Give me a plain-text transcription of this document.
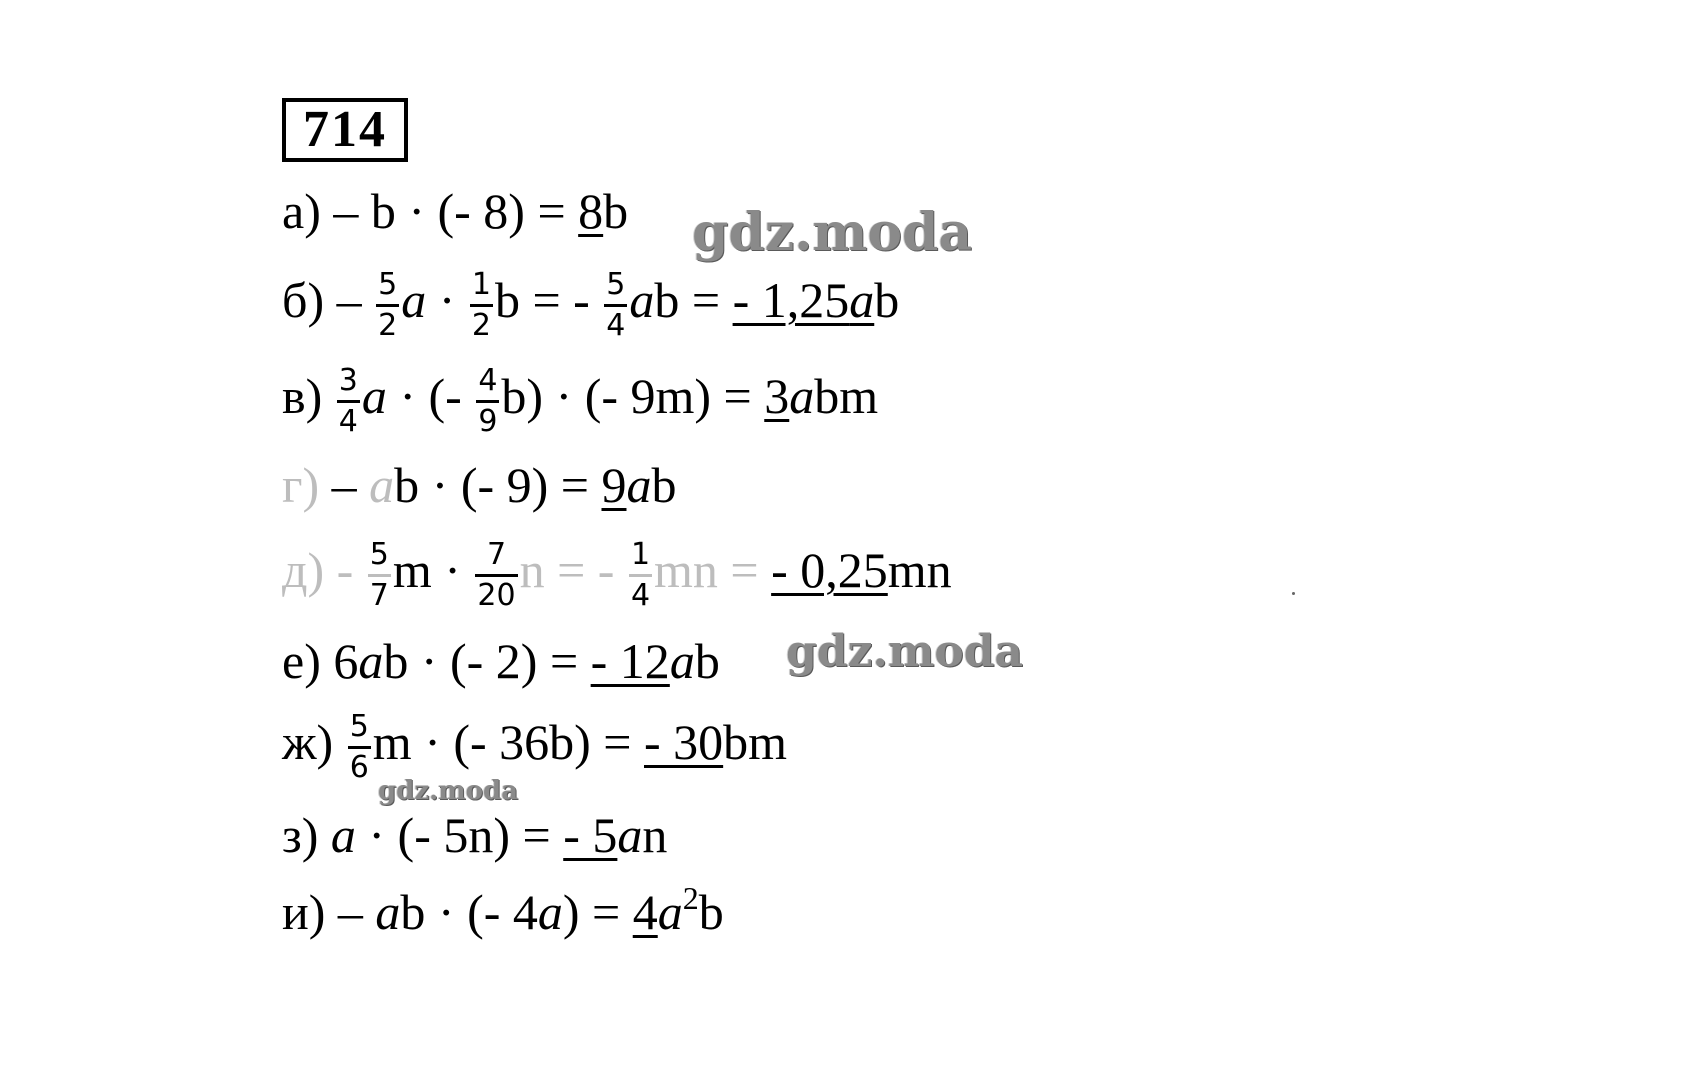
714
а) – b · (- 8) = 8b
$б) - \frac{5}{2}$ $a \cdot \frac{1}{2}$ b = - $\frac{5}{4}$ ab = - 1,25ab
$в) \frac{3}{4}$ a · (- $\frac{4}{9} b$) · (- 9m) = 3abm
г) – ab · (- 9) = 9ab
$д) - \frac{5}{7}$ $m \cdot \frac{7}{20}$ n = - $\frac{1}{4}$ mn = - 0,25mn
е) 6ab · (- 2) = - 12ab
$ж) \frac{5}{6}$ m · (- 36b) = - 30bm
з) a · (- 5n) = - 5an
и) – ab · (- $4a) = 4a^2b$
gdz.moda
gdz.moda
gdz.moda
